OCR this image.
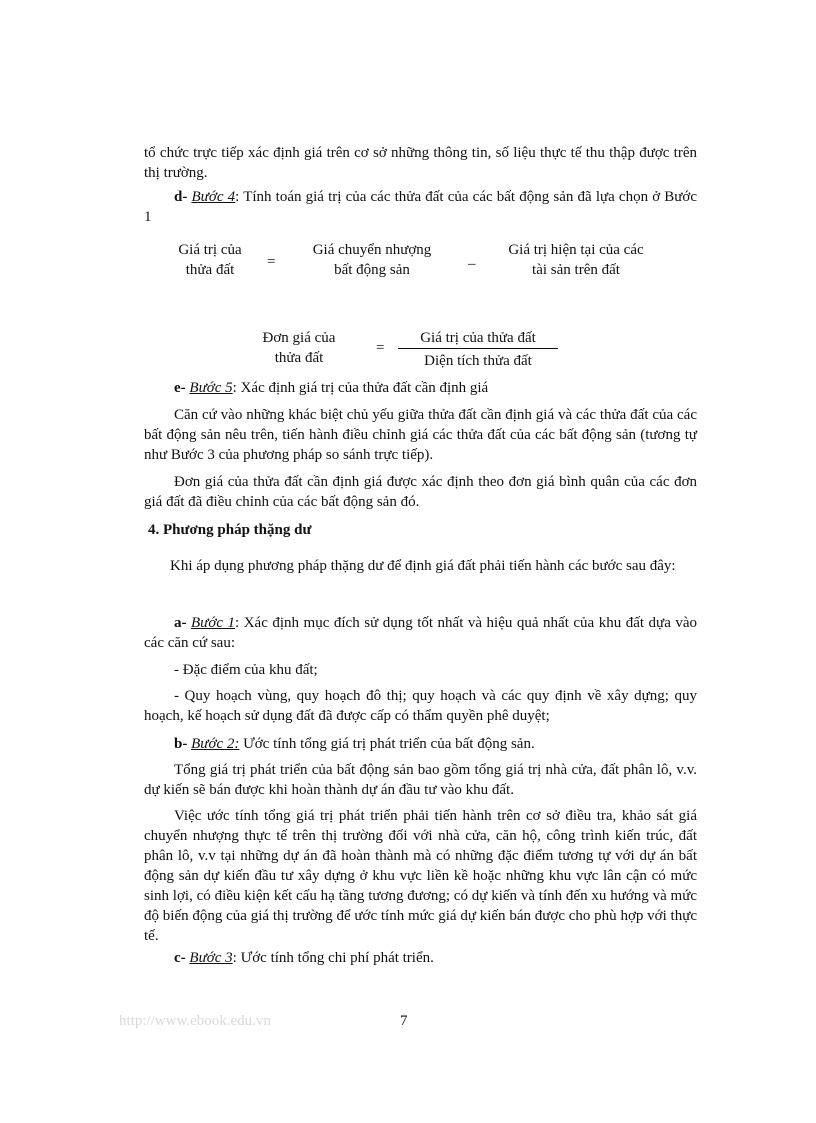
tổ chức trực tiếp xác định giá trên cơ sở những thông tin, số liệu thực tế thu thập được trên thị trường.

d- Bước 4: Tính toán giá trị của các thửa đất của các bất động sản đã lựa chọn ở Bước 1

Giá trị của
thửa đất	=
Giá chuyển nhượng
bất động sản	–
Giá trị hiện tại của các
tài sản trên đất
Đơn giá của
thửa đất
=
Giá trị của thửa đất
Diện tích thửa đất

e- Bước 5: Xác định giá trị của thửa đất cần định giá

Căn cứ vào những khác biệt chủ yếu giữa thửa đất cần định giá và các thửa đất của các bất động sản nêu trên, tiến hành điều chỉnh giá các thửa đất của các bất động sản (tương tự như Bước 3 của phương pháp so sánh trực tiếp).

Đơn giá của thửa đất cần định giá được xác định theo đơn giá bình quân của các đơn giá đất đã điều chỉnh của các bất động sản đó.

4. Phương pháp thặng dư

Khi áp dụng phương pháp thặng dư để định giá đất phải tiến hành các bước sau đây:

a- Bước 1: Xác định mục đích sử dụng tốt nhất và hiệu quả nhất của khu đất dựa vào các căn cứ sau:

- Đặc điểm của khu đất;

- Quy hoạch vùng, quy hoạch đô thị; quy hoạch và các quy định về xây dựng; quy hoạch, kế hoạch sử dụng đất đã được cấp có thẩm quyền phê duyệt;

b- Bước 2: Ước tính tổng giá trị phát triển của bất động sản.

Tổng giá trị phát triển của bất động sản bao gồm tổng giá trị nhà cửa, đất phân lô, v.v. dự kiến sẽ bán được khi hoàn thành dự án đầu tư vào khu đất.

Việc ước tính tổng giá trị phát triển phải tiến hành trên cơ sở điều tra, khảo sát giá chuyển nhượng thực tế trên thị trường đối với nhà cửa, căn hộ, công trình kiến trúc, đất phân lô, v.v tại những dự án đã hoàn thành mà có những đặc điểm tương tự với dự án bất động sản dự kiến đầu tư xây dựng ở khu vực liền kề hoặc những khu vực lân cận có mức sinh lợi, có điều kiện kết cấu hạ tầng tương đương; có dự kiến và tính đến xu hướng và mức độ biến động của giá thị trường để ước tính mức giá dự kiến bán được cho phù hợp với thực tế.

c- Bước 3: Ước tính tổng chi phí phát triển.

http://www.ebook.edu.vn	7
